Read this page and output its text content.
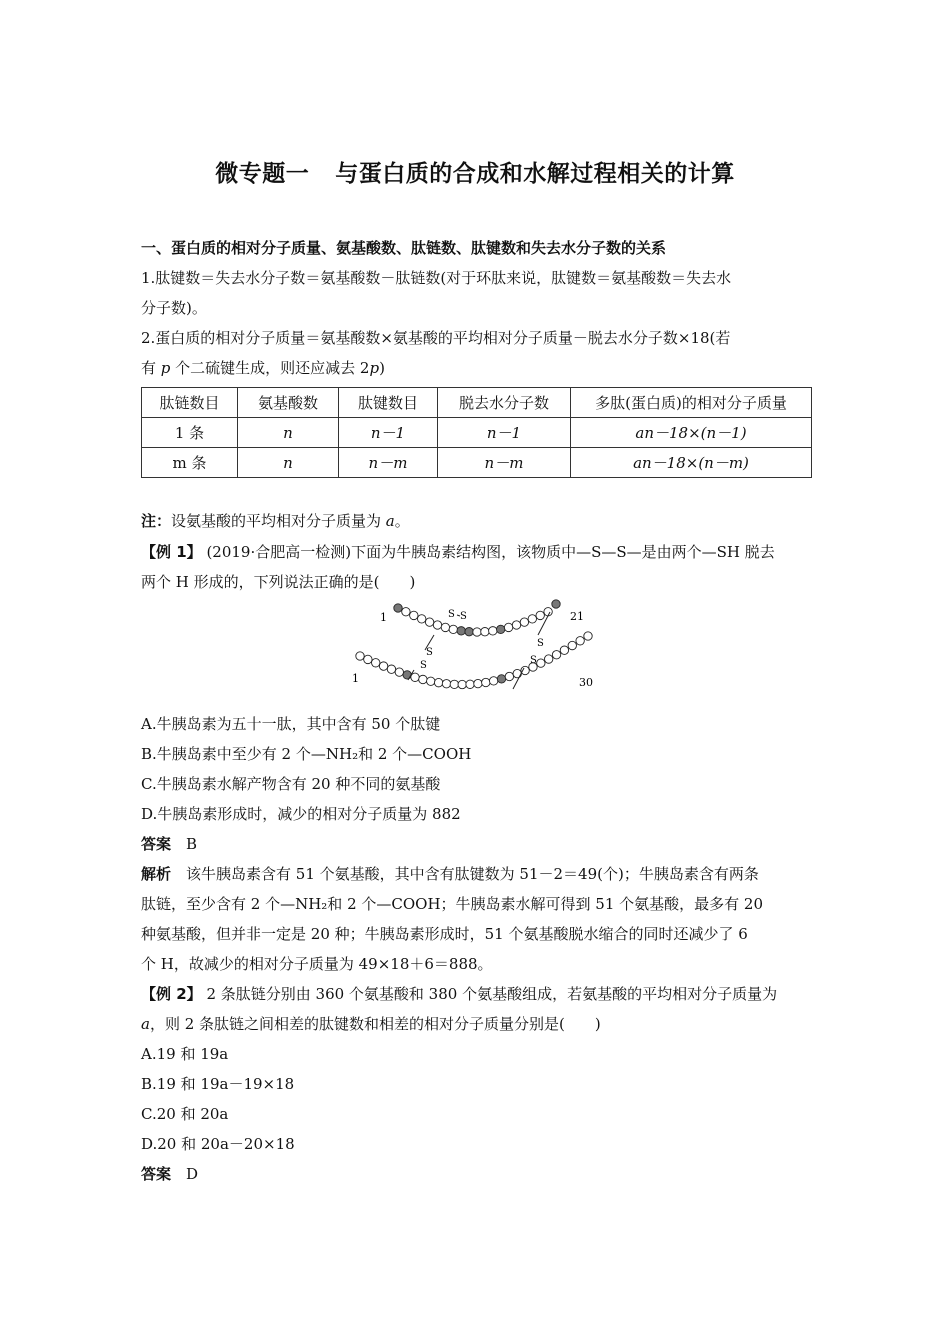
微专题一 与蛋白质的合成和水解过程相关的计算
一、蛋白质的相对分子质量、氨基酸数、肽链数、肽键数和失去水分子数的关系
1.肽键数＝失去水分子数＝氨基酸数－肽链数(对于环肽来说，肽键数＝氨基酸数＝失去水
分子数)。
2.蛋白质的相对分子质量＝氨基酸数×氨基酸的平均相对分子质量－脱去水分子数×18(若
有 p 个二硫键生成，则还应减去 2p)
肽链数目	氨基酸数	肽键数目	脱去水分子数	多肽(蛋白质)的相对分子质量
1 条	n	n－1	n－1	an－18×(n－1)
m 条	n	n－m	n－m	an－18×(n－m)
注：设氨基酸的平均相对分子质量为 a。
【例 1】 (2019·合肥高一检测)下面为牛胰岛素结构图，该物质中—S—S—是由两个—SH 脱去
两个 H 形成的，下列说法正确的是(　　)
S S
S
S
S
S
1	21
1	30
A.牛胰岛素为五十一肽，其中含有 50 个肽键
B.牛胰岛素中至少有 2 个—NH₂和 2 个—COOH
C.牛胰岛素水解产物含有 20 种不同的氨基酸
D.牛胰岛素形成时，减少的相对分子质量为 882
答案　 B
解析　 该牛胰岛素含有 51 个氨基酸，其中含有肽键数为 51－2＝49(个)；牛胰岛素含有两条
肽链，至少含有 2 个—NH₂和 2 个—COOH；牛胰岛素水解可得到 51 个氨基酸，最多有 20
种氨基酸，但并非一定是 20 种；牛胰岛素形成时，51 个氨基酸脱水缩合的同时还减少了 6
个 H，故减少的相对分子质量为 49×18＋6＝888。
【例 2】 2 条肽链分别由 360 个氨基酸和 380 个氨基酸组成，若氨基酸的平均相对分子质量为
a，则 2 条肽链之间相差的肽键数和相差的相对分子质量分别是(　　)
A.19 和 19a
B.19 和 19a－19×18
C.20 和 20a
D.20 和 20a－20×18
答案　 D
